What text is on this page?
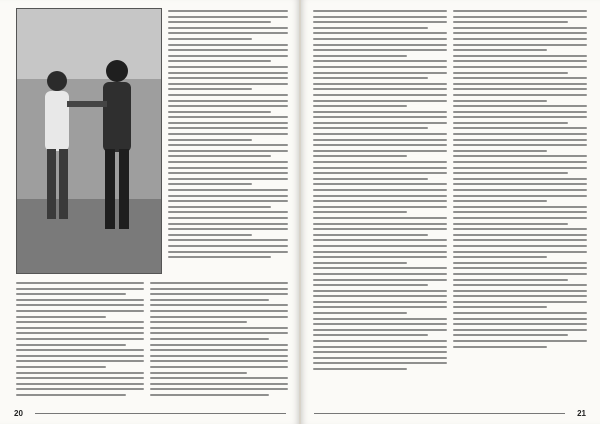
20	21
